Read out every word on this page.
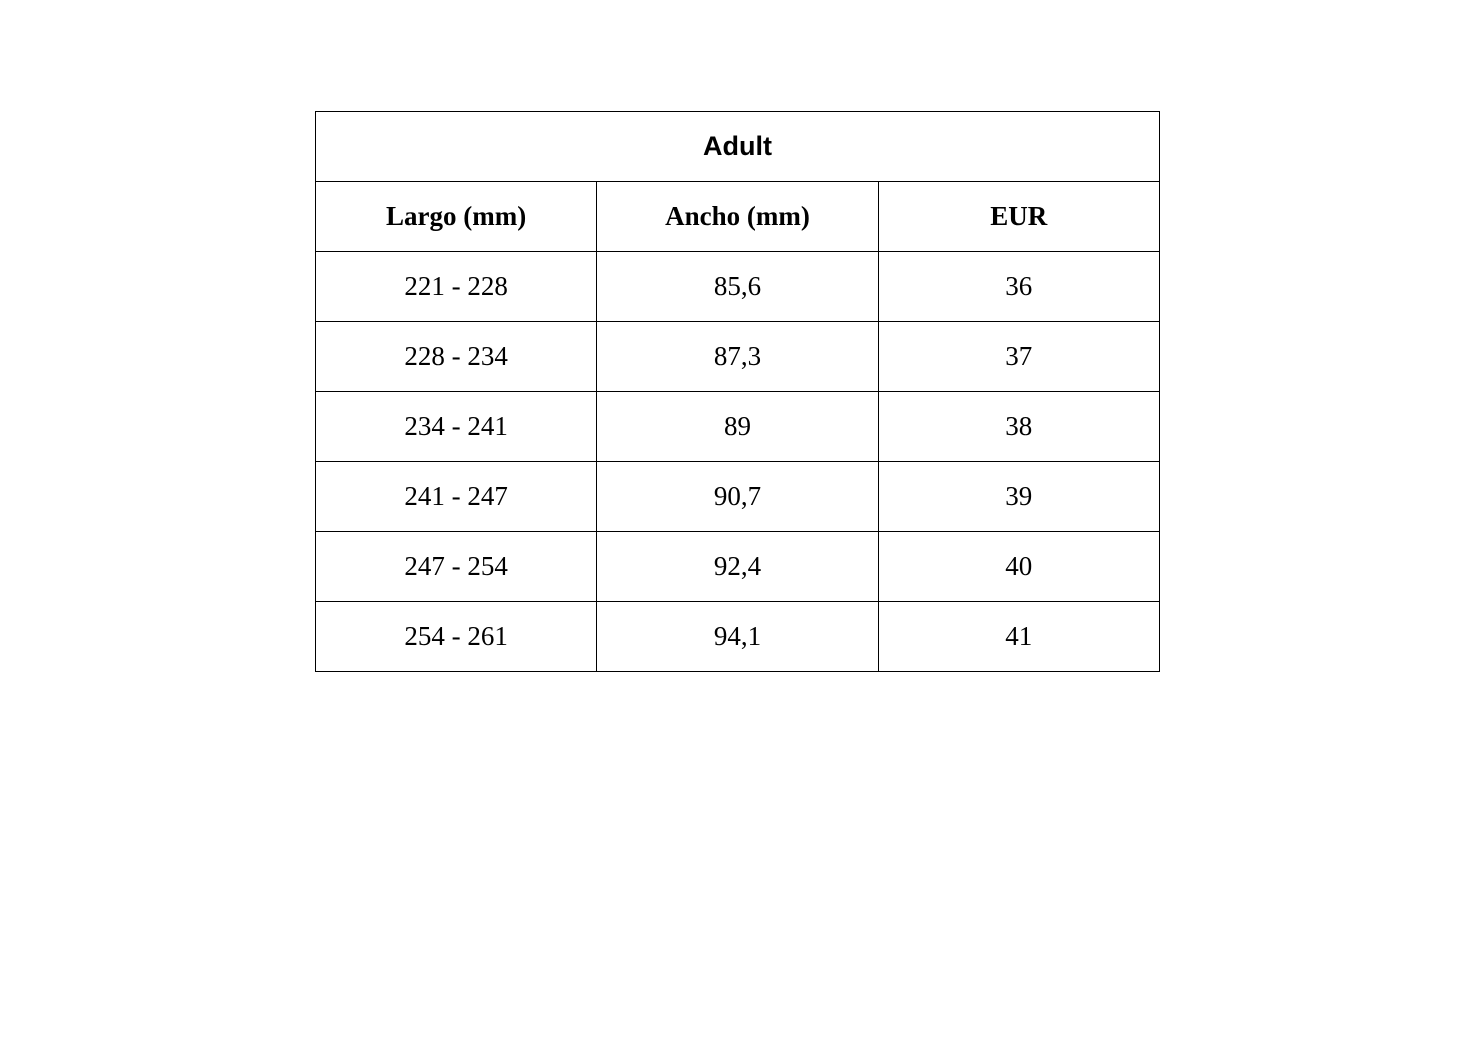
Adult		
Largo (mm)	Ancho (mm)	EUR
221 - 228	85,6	36
228 - 234	87,3	37
234 - 241	89	38
241 - 247	90,7	39
247 - 254	92,4	40
254 - 261	94,1	41
